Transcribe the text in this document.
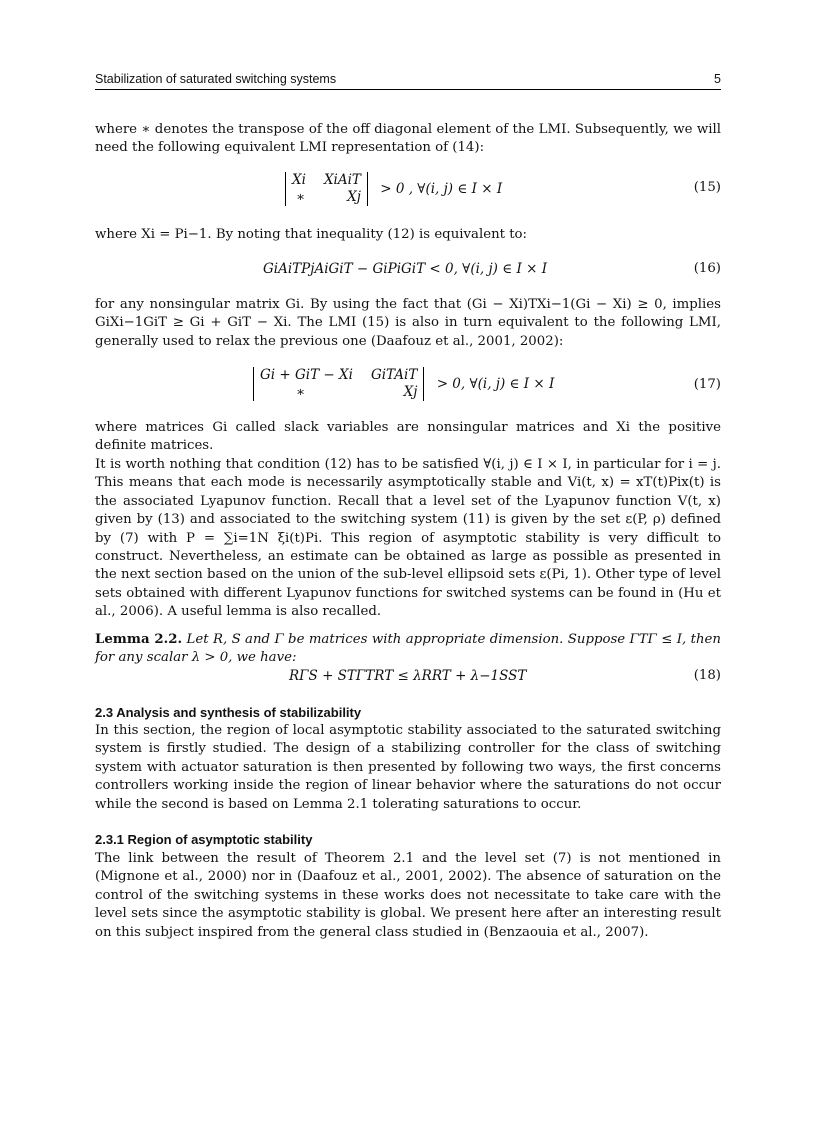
Stabilization of saturated switching systems	5

where ∗ denotes the transpose of the off diagonal element of the LMI. Subsequently, we will need the following equivalent LMI representation of (14):

Xi XiAiT
∗	Xj
> 0 , ∀(i, j) ∈ I × I	(15)

where Xi = Pi−1. By noting that inequality (12) is equivalent to:

GiAiTPjAiGiT − GiPiGiT < 0, ∀(i, j) ∈ I × I	(16)

for any nonsingular matrix Gi. By using the fact that (Gi − Xi)TXi−1(Gi − Xi) ≥ 0, implies GiXi−1GiT ≥ Gi + GiT − Xi. The LMI (15) is also in turn equivalent to the following LMI, generally used to relax the previous one (Daafouz et al., 2001, 2002):

Gi + GiT − Xi GiTAiT
∗	Xj
> 0, ∀(i, j) ∈ I × I	(17)

where matrices Gi called slack variables are nonsingular matrices and Xi the positive definite matrices.

It is worth nothing that condition (12) has to be satisfied ∀(i, j) ∈ I × I, in particular for i = j. This means that each mode is necessarily asymptotically stable and Vi(t, x) = xT(t)Pix(t) is the associated Lyapunov function. Recall that a level set of the Lyapunov function V(t, x) given by (13) and associated to the switching system (11) is given by the set ε(P, ρ) defined by (7) with P = ∑i=1N ξi(t)Pi. This region of asymptotic stability is very difficult to construct. Nevertheless, an estimate can be obtained as large as possible as presented in the next section based on the union of the sub-level ellipsoid sets ε(Pi, 1). Other type of level sets obtained with different Lyapunov functions for switched systems can be found in (Hu et al., 2006). A useful lemma is also recalled.

Lemma 2.2. Let R, S and Γ be matrices with appropriate dimension. Suppose ΓTΓ ≤ I, then for any scalar λ > 0, we have:

RΓS + STΓTRT ≤ λRRT + λ−1SST	(18)
2.3 Analysis and synthesis of stabilizability

In this section, the region of local asymptotic stability associated to the saturated switching system is firstly studied. The design of a stabilizing controller for the class of switching system with actuator saturation is then presented by following two ways, the first concerns controllers working inside the region of linear behavior where the saturations do not occur while the second is based on Lemma 2.1 tolerating saturations to occur.

2.3.1 Region of asymptotic stability

The link between the result of Theorem 2.1 and the level set (7) is not mentioned in (Mignone et al., 2000) nor in (Daafouz et al., 2001, 2002). The absence of saturation on the control of the switching systems in these works does not necessitate to take care with the level sets since the asymptotic stability is global. We present here after an interesting result on this subject inspired from the general class studied in (Benzaouia et al., 2007).
